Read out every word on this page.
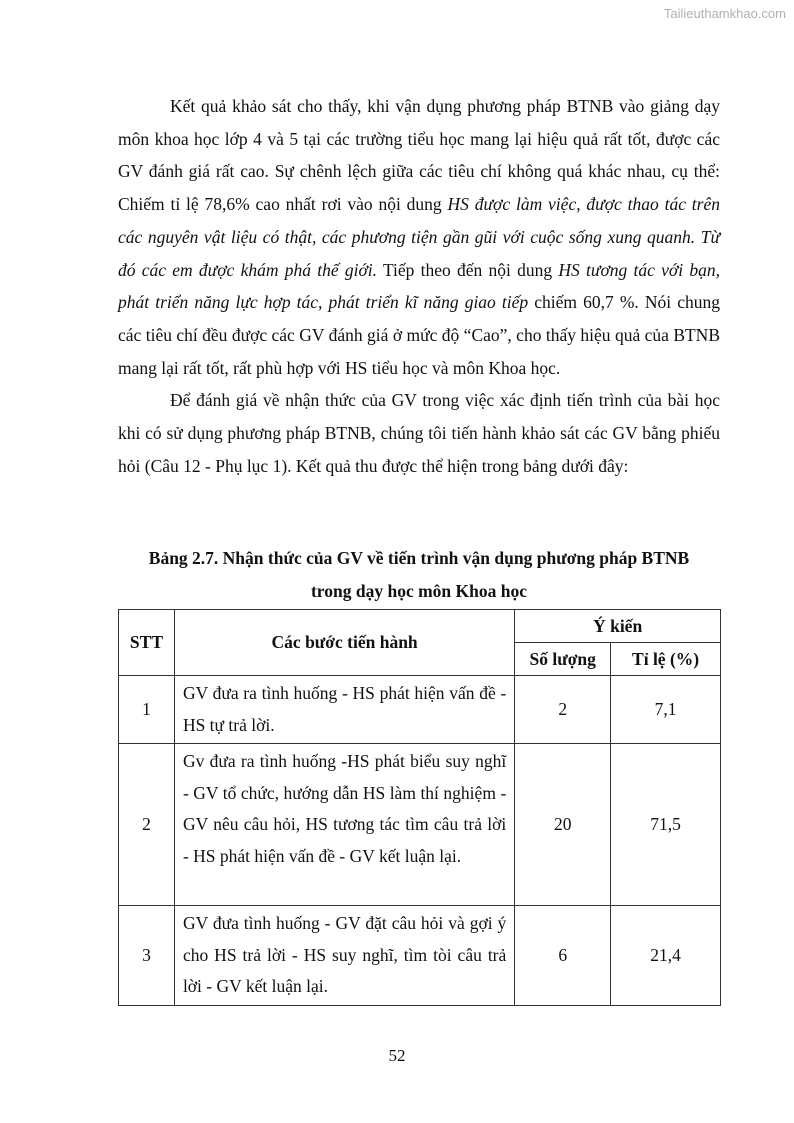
Tailieuthamkhao.com

Kết quả khảo sát cho thấy, khi vận dụng phương pháp BTNB vào giảng dạy môn khoa học lớp 4 và 5 tại các trường tiểu học mang lại hiệu quả rất tốt, được các GV đánh giá rất cao. Sự chênh lệch giữa các tiêu chí không quá khác nhau, cụ thể: Chiếm tỉ lệ 78,6% cao nhất rơi vào nội dung HS được làm việc, được thao tác trên các nguyên vật liệu có thật, các phương tiện gần gũi với cuộc sống xung quanh. Từ đó các em được khám phá thế giới. Tiếp theo đến nội dung HS tương tác với bạn, phát triển năng lực hợp tác, phát triển kĩ năng giao tiếp chiếm 60,7 %. Nói chung các tiêu chí đều được các GV đánh giá ở mức độ “Cao”, cho thấy hiệu quả của BTNB mang lại rất tốt, rất phù hợp với HS tiểu học và môn Khoa học.

Để đánh giá về nhận thức của GV trong việc xác định tiến trình của bài học khi có sử dụng phương pháp BTNB, chúng tôi tiến hành khảo sát các GV bằng phiếu hỏi (Câu 12 - Phụ lục 1). Kết quả thu được thể hiện trong bảng dưới đây:

Bảng 2.7. Nhận thức của GV về tiến trình vận dụng phương pháp BTNB
trong dạy học môn Khoa học
STT	Các bước tiến hành	Ý kiến	
		Số lượng	Tỉ lệ (%)
1	GV đưa ra tình huống - HS phát hiện vấn đề - HS tự trả lời.	2	7,1
2	Gv đưa ra tình huống -HS phát biểu suy nghĩ - GV tổ chức, hướng dẫn HS làm thí nghiệm - GV nêu câu hỏi, HS tương tác tìm câu trả lời - HS phát hiện vấn đề - GV kết luận lại.	20	71,5
3	GV đưa tình huống - GV đặt câu hỏi và gợi ý cho HS trả lời - HS suy nghĩ, tìm tòi câu trả lời - GV kết luận lại.	6	21,4
52
